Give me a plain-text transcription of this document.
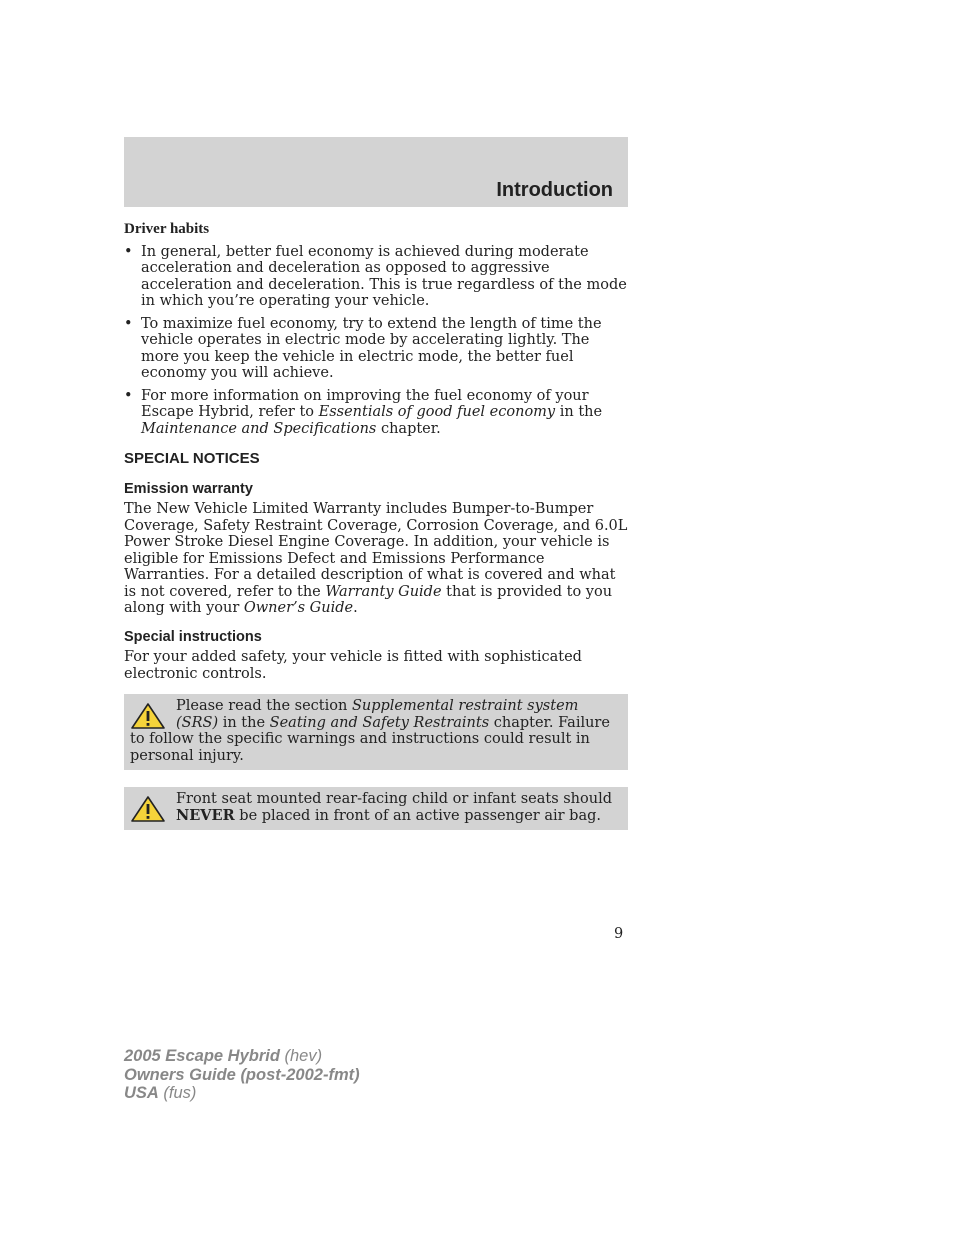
Introduction
Driver habits
• In general, better fuel economy is achieved during moderate acceleration and deceleration as opposed to aggressive acceleration and deceleration. This is true regardless of the mode in which you’re operating your vehicle.
• To maximize fuel economy, try to extend the length of time the vehicle operates in electric mode by accelerating lightly. The more you keep the vehicle in electric mode, the better fuel economy you will achieve.
• For more information on improving the fuel economy of your Escape Hybrid, refer to Essentials of good fuel economy in the Maintenance and Specifications chapter.
SPECIAL NOTICES
Emission warranty

The New Vehicle Limited Warranty includes Bumper-to-Bumper Coverage, Safety Restraint Coverage, Corrosion Coverage, and 6.0L Power Stroke Diesel Engine Coverage. In addition, your vehicle is eligible for Emissions Defect and Emissions Performance Warranties. For a detailed description of what is covered and what is not covered, refer to the Warranty Guide that is provided to you along with your Owner’s Guide.

Special instructions

For your added safety, your vehicle is fitted with sophisticated electronic controls.

Please read the section Supplemental restraint system (SRS) in the Seating and Safety Restraints chapter. Failure to follow the specific warnings and instructions could result in personal injury.
Front seat mounted rear-facing child or infant seats should NEVER be placed in front of an active passenger air bag.
9
2005 Escape Hybrid (hev)
Owners Guide (post-2002-fmt)
USA (fus)
